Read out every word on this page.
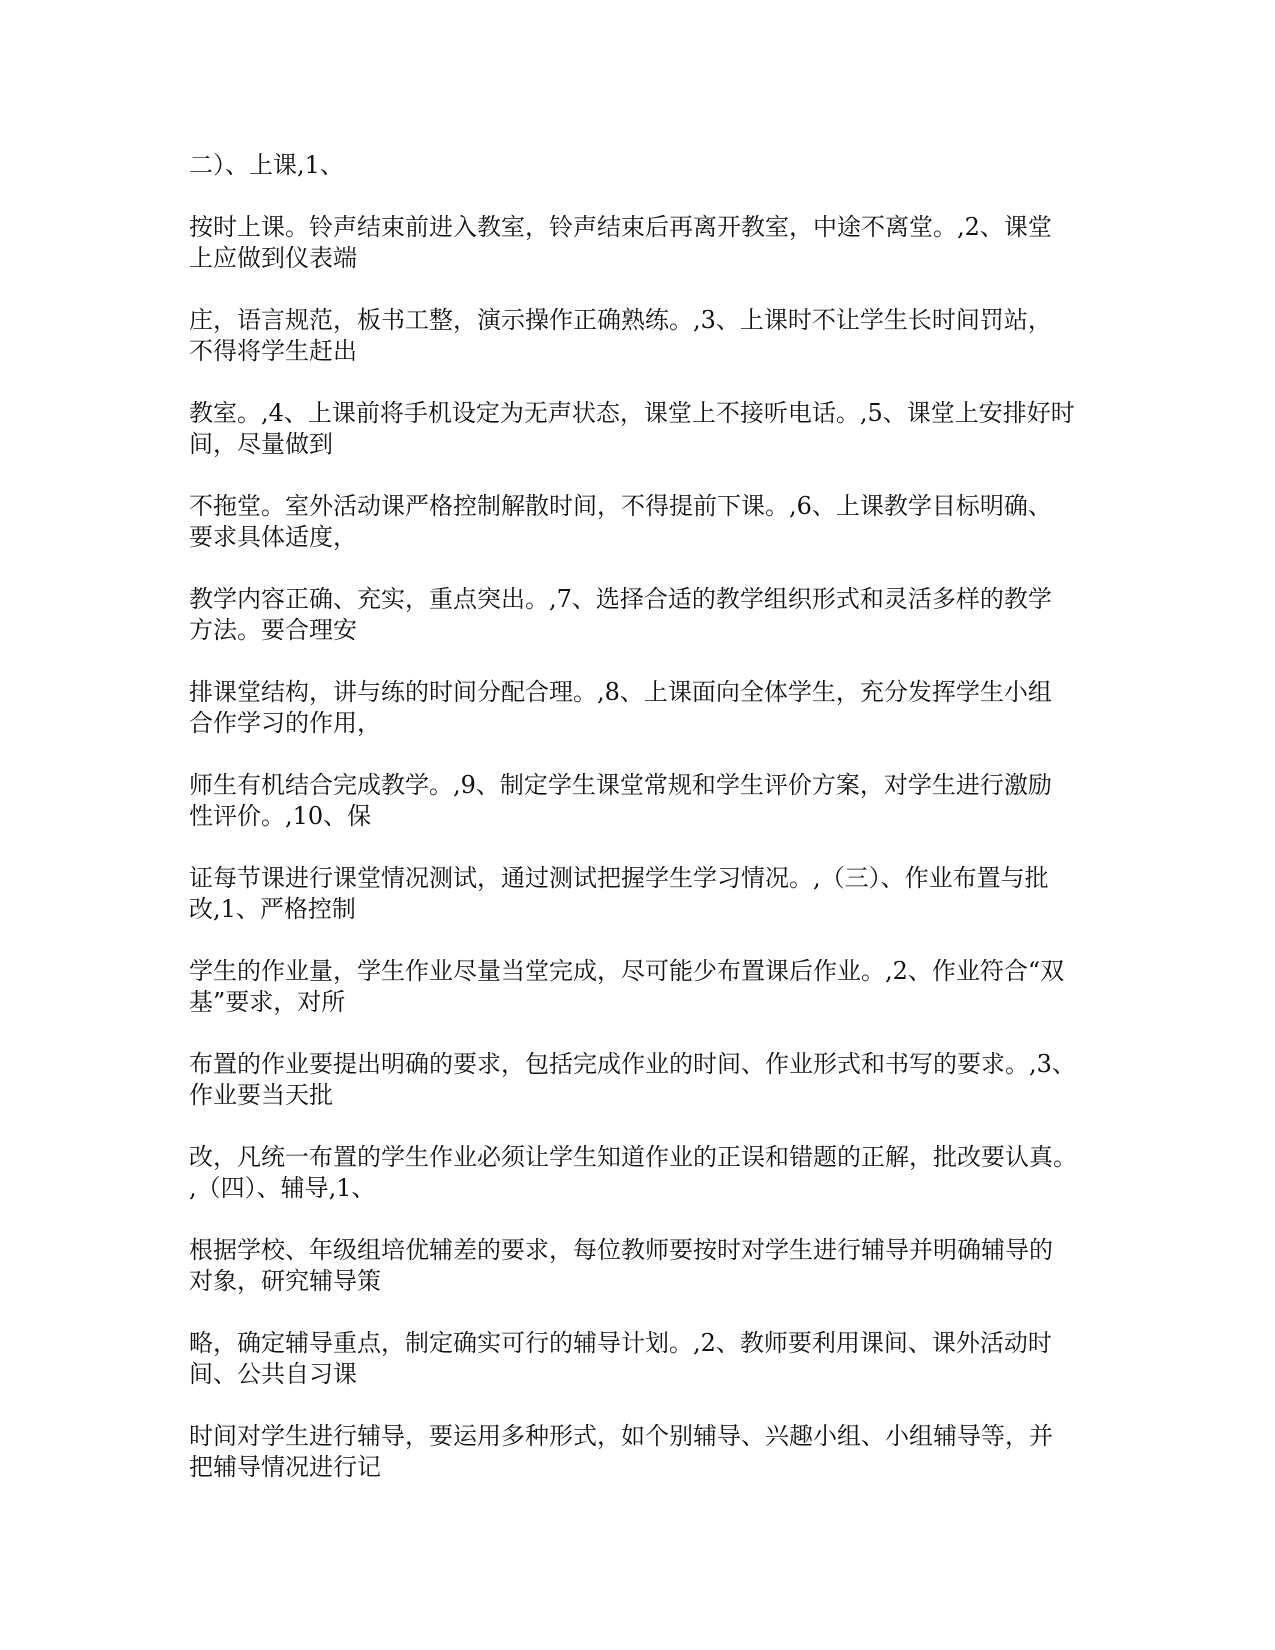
二）、上课,1、

按时上课。铃声结束前进入教室，铃声结束后再离开教室，中途不离堂。,2、课堂
上应做到仪表端

庄，语言规范，板书工整，演示操作正确熟练。,3、上课时不让学生长时间罚站，
不得将学生赶出

教室。,4、上课前将手机设定为无声状态，课堂上不接听电话。,5、课堂上安排好时
间，尽量做到

不拖堂。室外活动课严格控制解散时间，不得提前下课。,6、上课教学目标明确、
要求具体适度，

教学内容正确、充实，重点突出。,7、选择合适的教学组织形式和灵活多样的教学
方法。要合理安

排课堂结构，讲与练的时间分配合理。,8、上课面向全体学生，充分发挥学生小组
合作学习的作用，

师生有机结合完成教学。,9、制定学生课堂常规和学生评价方案，对学生进行激励
性评价。,10、保

证每节课进行课堂情况测试，通过测试把握学生学习情况。,（三）、作业布置与批
改,1、严格控制

学生的作业量，学生作业尽量当堂完成，尽可能少布置课后作业。,2、作业符合“双
基”要求，对所

布置的作业要提出明确的要求，包括完成作业的时间、作业形式和书写的要求。,3、
作业要当天批

改，凡统一布置的学生作业必须让学生知道作业的正误和错题的正解，批改要认真。
,（四）、辅导,1、

根据学校、年级组培优辅差的要求，每位教师要按时对学生进行辅导并明确辅导的
对象，研究辅导策

略，确定辅导重点，制定确实可行的辅导计划。,2、教师要利用课间、课外活动时
间、公共自习课

时间对学生进行辅导，要运用多种形式，如个别辅导、兴趣小组、小组辅导等，并
把辅导情况进行记
